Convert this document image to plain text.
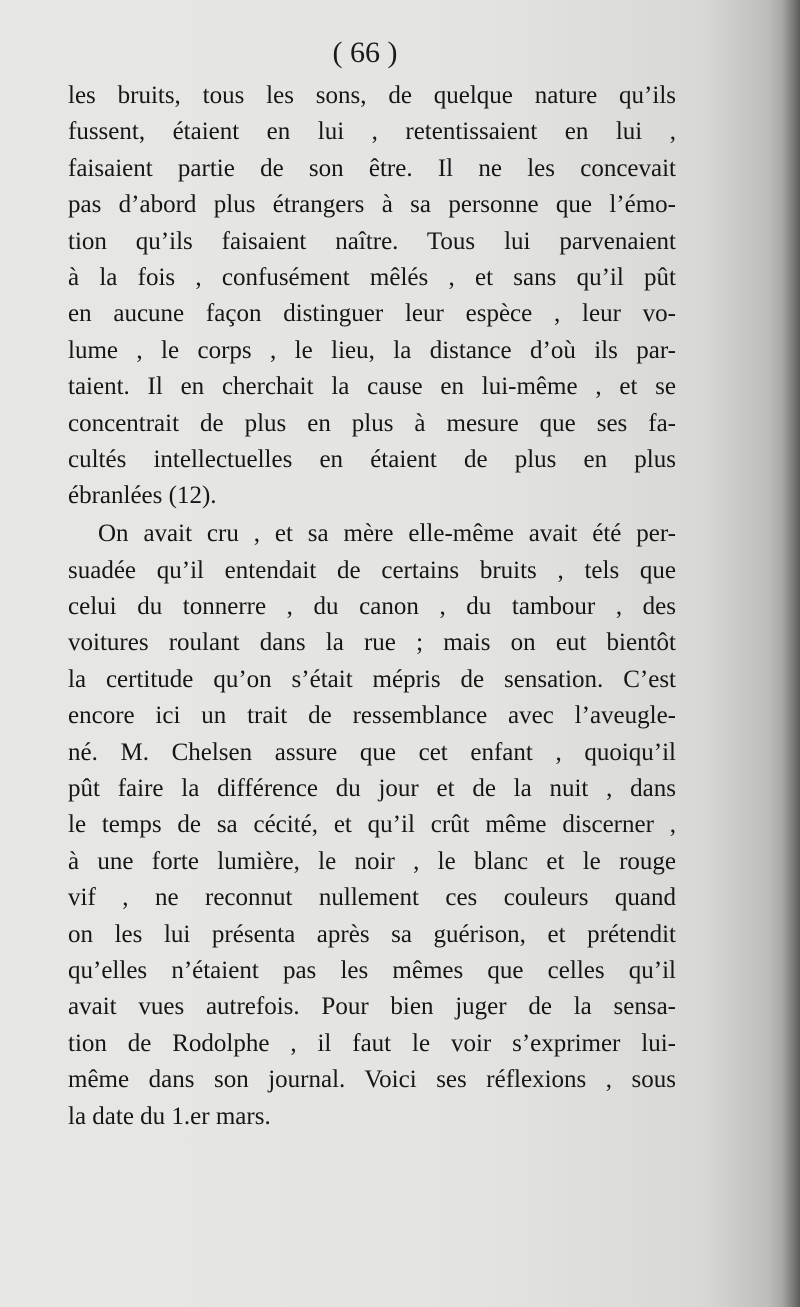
( 66 )
les bruits, tous les sons, de quelque nature qu’ils
fussent, étaient en lui , retentissaient en lui ,
faisaient partie de son être. Il ne les concevait
pas d’abord plus étrangers à sa personne que l’émo-
tion qu’ils faisaient naître. Tous lui parvenaient
à la fois , confusément mêlés , et sans qu’il pût
en aucune façon distinguer leur espèce , leur vo-
lume , le corps , le lieu, la distance d’où ils par-
taient. Il en cherchait la cause en lui-même , et se
concentrait de plus en plus à mesure que ses fa-
cultés intellectuelles en étaient de plus en plus
ébranlées (12).
On avait cru , et sa mère elle-même avait été per-
suadée qu’il entendait de certains bruits , tels que
celui du tonnerre , du canon , du tambour , des
voitures roulant dans la rue ; mais on eut bientôt
la certitude qu’on s’était mépris de sensation. C’est
encore ici un trait de ressemblance avec l’aveugle-
né. M. Chelsen assure que cet enfant , quoiqu’il
pût faire la différence du jour et de la nuit , dans
le temps de sa cécité, et qu’il crût même discerner ,
à une forte lumière, le noir , le blanc et le rouge
vif , ne reconnut nullement ces couleurs quand
on les lui présenta après sa guérison, et prétendit
qu’elles n’étaient pas les mêmes que celles qu’il
avait vues autrefois. Pour bien juger de la sensa-
tion de Rodolphe , il faut le voir s’exprimer lui-
même dans son journal. Voici ses réflexions , sous
la date du 1.er mars.
